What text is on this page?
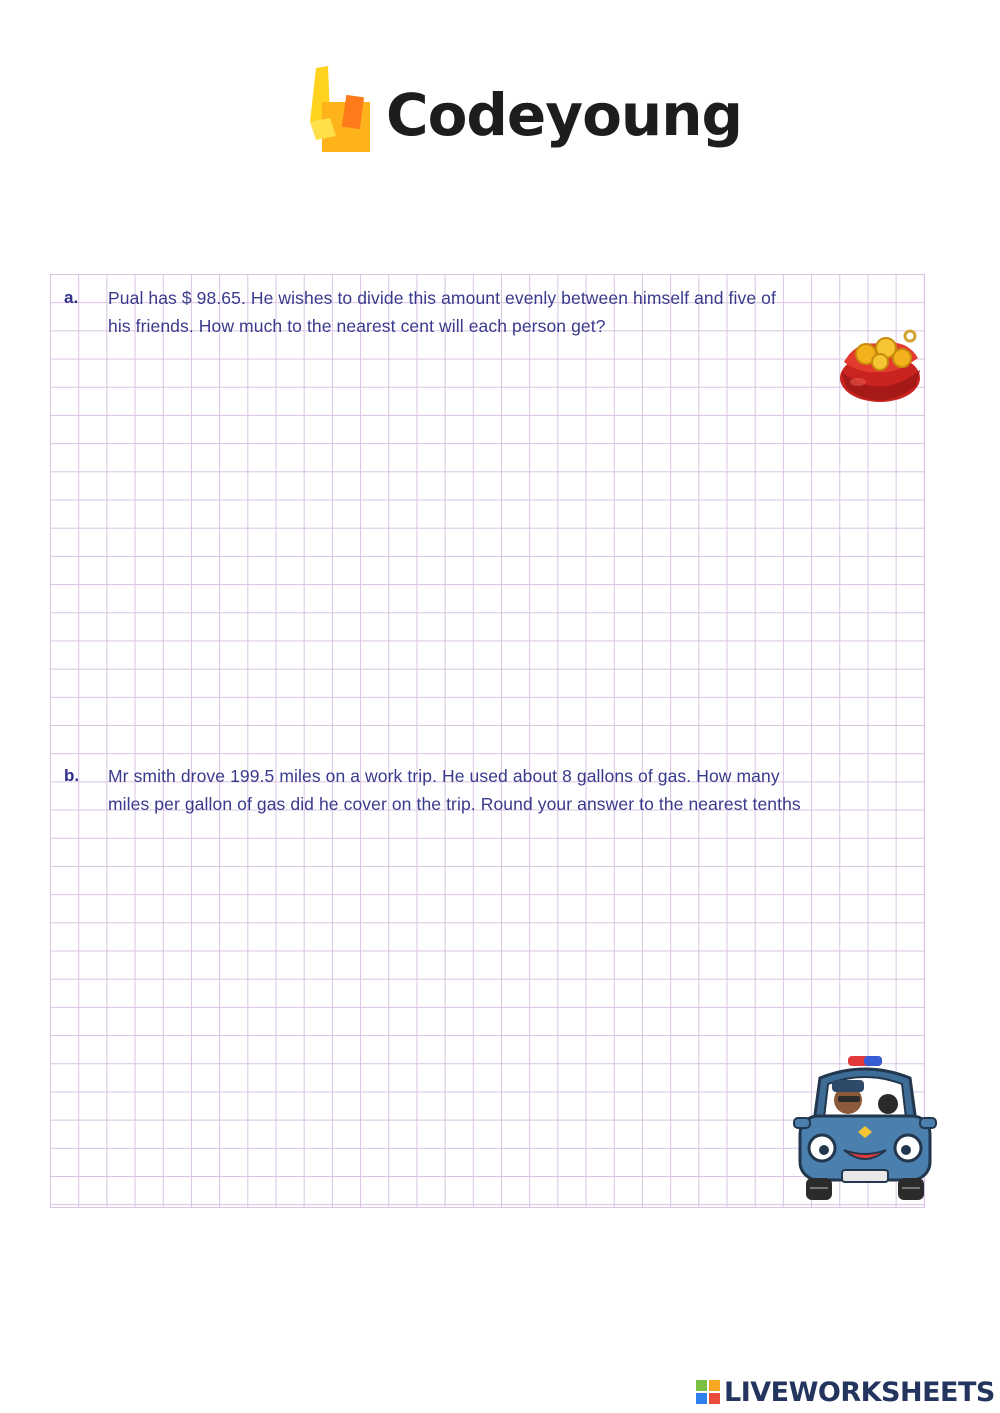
Codeyoung
a. Pual has $ 98.65. He wishes to divide this amount evenly between himself and five of
his friends. How much to the nearest cent will each person get?
b. Mr smith drove 199.5 miles on a work trip. He used about 8 gallons of gas. How many
miles per gallon of gas did he cover on the trip. Round your answer to the nearest tenths
LIVEWORKSHEETS
